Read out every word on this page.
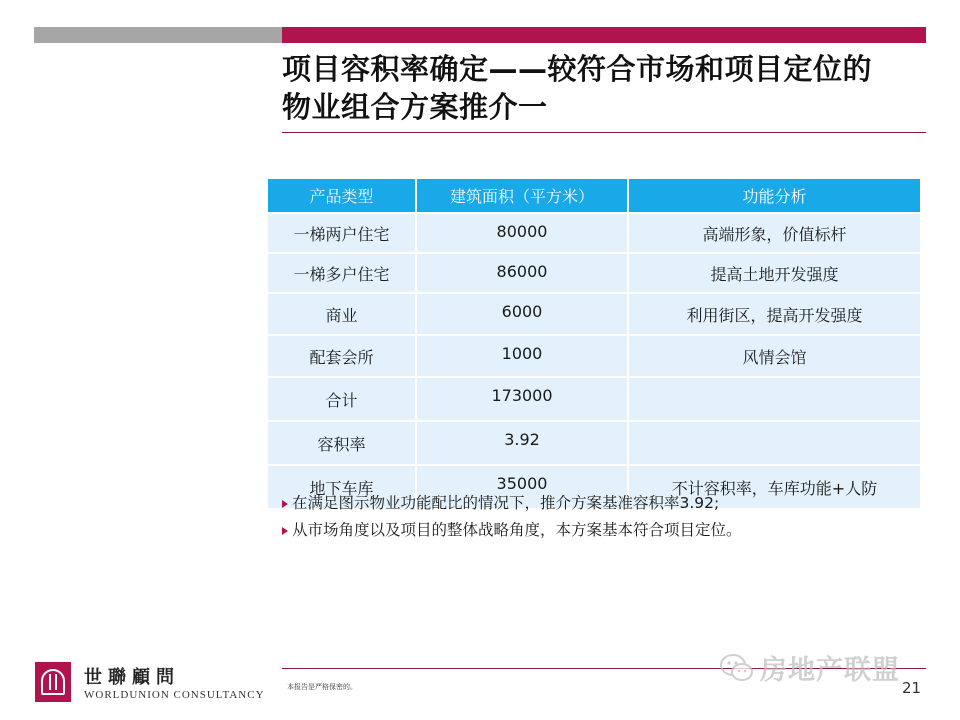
项目容积率确定——较符合市场和项目定位的
物业组合方案推介一
产品类型	建筑面积（平方米）	功能分析
一梯两户住宅	80000	高端形象，价值标杆
一梯多户住宅	86000	提高土地开发强度
商业	6000	利用街区，提高开发强度
配套会所	1000	风情会馆
合计	173000	
容积率	3.92	
地下车库	35000	不计容积率，车库功能+人防
在满足图示物业功能配比的情况下，推介方案基准容积率3.92;
从市场角度以及项目的整体战略角度，本方案基本符合项目定位。
本报告是严格保密的。	21
世聯顧問
WORLDUNION CONSULTANCY
房地产联盟
